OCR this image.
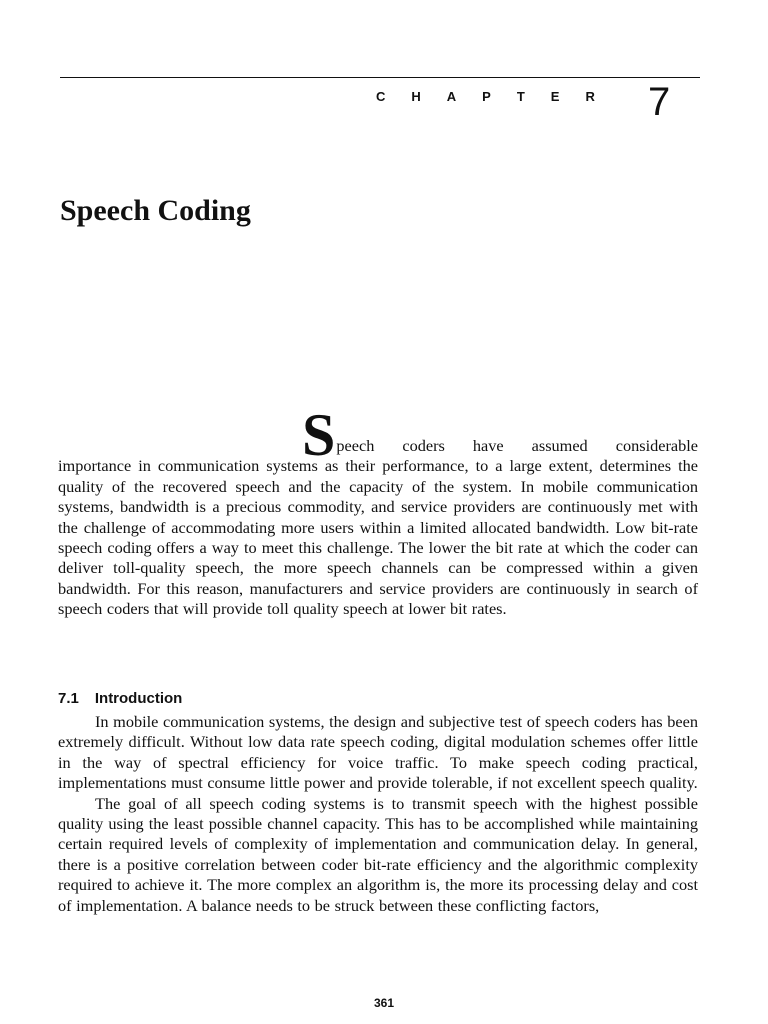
CHAPTER 7
Speech Coding

Speech coders have assumed considerable
importance in communication systems as their performance, to a large extent, determines the quality of the recovered speech and the capacity of the system. In mobile communication systems, bandwidth is a precious commodity, and service providers are continuously met with the challenge of accommodating more users within a limited allocated bandwidth. Low bit-rate speech coding offers a way to meet this challenge. The lower the bit rate at which the coder can deliver toll-quality speech, the more speech channels can be compressed within a given bandwidth. For this reason, manufacturers and service providers are continuously in search of speech coders that will provide toll quality speech at lower bit rates.

7.1 Introduction

In mobile communication systems, the design and subjective test of speech coders has been extremely difficult. Without low data rate speech coding, digital modulation schemes offer little in the way of spectral efficiency for voice traffic. To make speech coding practical, implementations must consume little power and provide tolerable, if not excellent speech quality.

The goal of all speech coding systems is to transmit speech with the highest possible quality using the least possible channel capacity. This has to be accomplished while maintaining certain required levels of complexity of implementation and communication delay. In general, there is a positive correlation between coder bit-rate efficiency and the algorithmic complexity required to achieve it. The more complex an algorithm is, the more its processing delay and cost of implementation. A balance needs to be struck between these conflicting factors,

361
